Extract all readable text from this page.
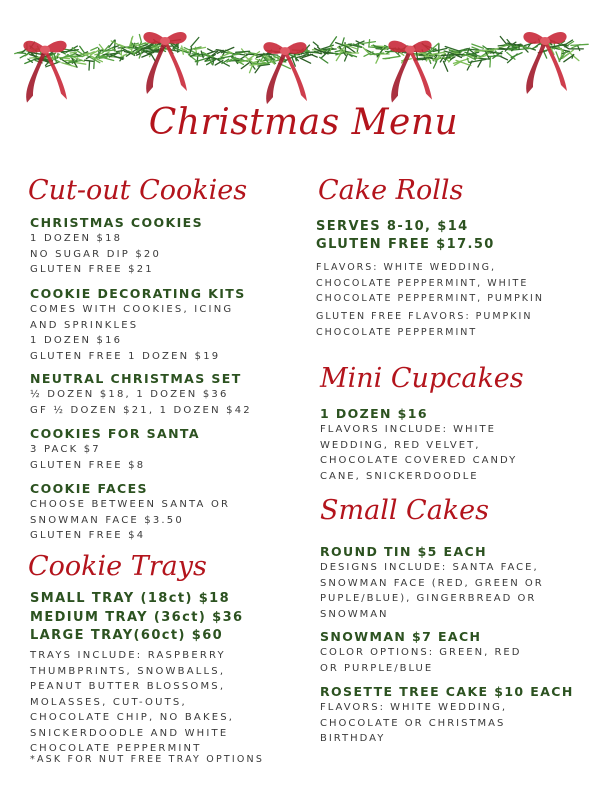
Christmas Menu
Cut-out Cookies
CHRISTMAS COOKIES
1 DOZEN $18
NO SUGAR DIP $20
GLUTEN FREE $21
COOKIE DECORATING KITS
COMES WITH COOKIES, ICING
AND SPRINKLES
1 DOZEN $16
GLUTEN FREE 1 DOZEN $19
NEUTRAL CHRISTMAS SET
½ DOZEN $18, 1 DOZEN $36
GF ½ DOZEN $21, 1 DOZEN $42
COOKIES FOR SANTA
3 PACK $7
GLUTEN FREE $8
COOKIE FACES
CHOOSE BETWEEN SANTA OR
SNOWMAN FACE $3.50
GLUTEN FREE $4
Cookie Trays
SMALL TRAY (18ct) $18
MEDIUM TRAY (36ct) $36
LARGE TRAY(60ct) $60
TRAYS INCLUDE: RASPBERRY
THUMBPRINTS, SNOWBALLS,
PEANUT BUTTER BLOSSOMS,
MOLASSES, CUT-OUTS,
CHOCOLATE CHIP, NO BAKES,
SNICKERDOODLE AND WHITE
CHOCOLATE PEPPERMINT
*ASK FOR NUT FREE TRAY OPTIONS
Cake Rolls
SERVES 8-10, $14
GLUTEN FREE $17.50
FLAVORS: WHITE WEDDING,
CHOCOLATE PEPPERMINT, WHITE
CHOCOLATE PEPPERMINT, PUMPKIN
GLUTEN FREE FLAVORS: PUMPKIN
CHOCOLATE PEPPERMINT
Mini Cupcakes
1 DOZEN $16
FLAVORS INCLUDE: WHITE
WEDDING, RED VELVET,
CHOCOLATE COVERED CANDY
CANE, SNICKERDOODLE
Small Cakes
ROUND TIN $5 EACH
DESIGNS INCLUDE: SANTA FACE,
SNOWMAN FACE (RED, GREEN OR
PUPLE/BLUE), GINGERBREAD OR
SNOWMAN
SNOWMAN $7 EACH
COLOR OPTIONS: GREEN, RED
OR PURPLE/BLUE
ROSETTE TREE CAKE $10 EACH
FLAVORS: WHITE WEDDING,
CHOCOLATE OR CHRISTMAS
BIRTHDAY
